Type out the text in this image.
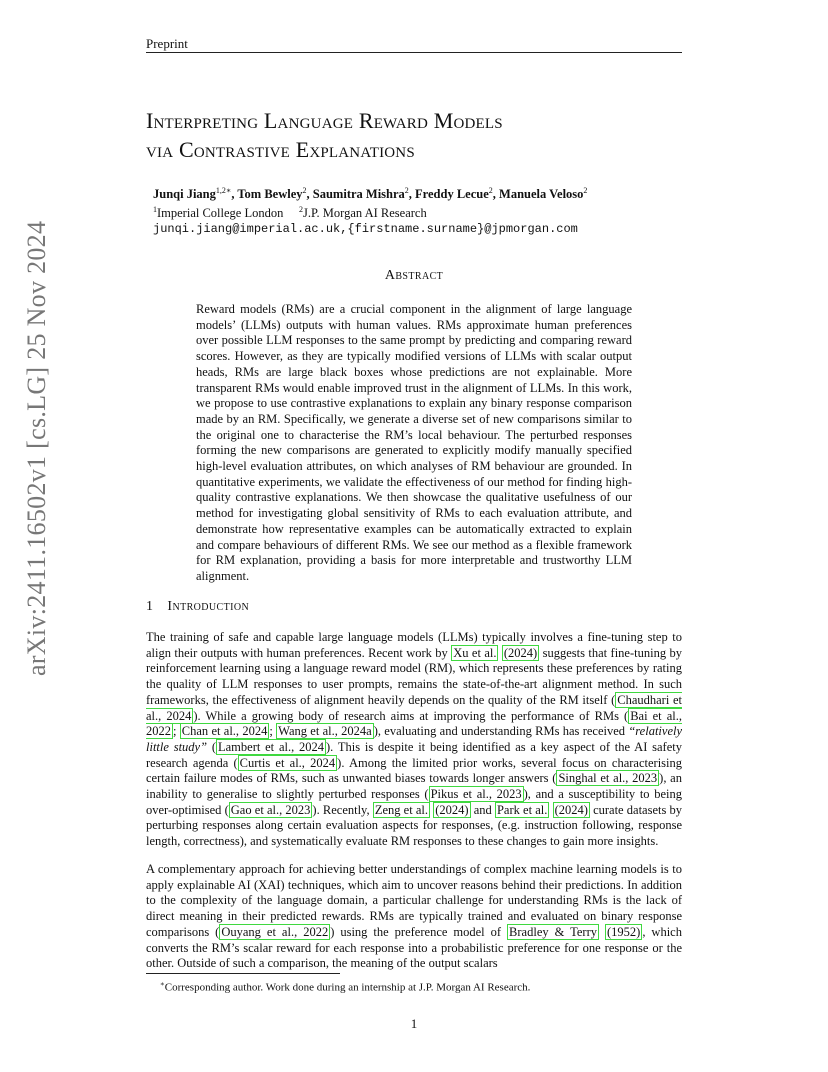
Preprint
arXiv:2411.16502v1 [cs.LG] 25 Nov 2024
Interpreting Language Reward Models
via Contrastive Explanations
Junqi Jiang$^{1,2∗}$, Tom Bewley$^2$, Saumitra Mishra$^2$, Freddy Lecue$^2$, Manuela Veloso$^2$
$^1$Imperial College London $^2$J.P. Morgan AI Research
junqi.jiang@imperial.ac.uk,{firstname.surname}@jpmorgan.com
Abstract
Reward models (RMs) are a crucial component in the alignment of large language models’ (LLMs) outputs with human values. RMs approximate human preferences over possible LLM responses to the same prompt by predicting and comparing reward scores. However, as they are typically modified versions of LLMs with scalar output heads, RMs are large black boxes whose predictions are not explainable. More transparent RMs would enable improved trust in the alignment of LLMs. In this work, we propose to use contrastive explanations to explain any binary response comparison made by an RM. Specifically, we generate a diverse set of new comparisons similar to the original one to characterise the RM’s local behaviour. The perturbed responses forming the new comparisons are generated to explicitly modify manually specified high-level evaluation attributes, on which analyses of RM behaviour are grounded. In quantitative experiments, we validate the effectiveness of our method for finding high-quality contrastive explanations. We then showcase the qualitative usefulness of our method for investigating global sensitivity of RMs to each evaluation attribute, and demonstrate how representative examples can be automatically extracted to explain and compare behaviours of different RMs. We see our method as a flexible framework for RM explanation, providing a basis for more interpretable and trustworthy LLM alignment.
1 Introduction
The training of safe and capable large language models (LLMs) typically involves a fine-tuning step to align their outputs with human preferences. Recent work by Xu et al. (2024) suggests that fine-tuning by reinforcement learning using a language reward model (RM), which represents these preferences by rating the quality of LLM responses to user prompts, remains the state-of-the-art alignment method. In such frameworks, the effectiveness of alignment heavily depends on the quality of the RM itself ( Chaudhari et al., 2024 ). While a growing body of research aims at improving the performance of RMs ( Bai et al., 2022 ; Chan et al., 2024 ; Wang et al., 2024a ), evaluating and understanding RMs has received “relatively little study” ( Lambert et al., 2024 ). This is despite it being identified as a key aspect of the AI safety research agenda ( Curtis et al., 2024 ). Among the limited prior works, several focus on characterising certain failure modes of RMs, such as unwanted biases towards longer answers ( Singhal et al., 2023 ), an inability to generalise to slightly perturbed responses ( Pikus et al., 2023 ), and a susceptibility to being over-optimised ( Gao et al., 2023 ). Recently, Zeng et al. (2024) and Park et al. (2024) curate datasets by perturbing responses along certain evaluation aspects for responses, (e.g. instruction following, response length, correctness), and systematically evaluate RM responses to these changes to gain more insights.
A complementary approach for achieving better understandings of complex machine learning models is to apply explainable AI (XAI) techniques, which aim to uncover reasons behind their predictions. In addition to the complexity of the language domain, a particular challenge for understanding RMs is the lack of direct meaning in their predicted rewards. RMs are typically trained and evaluated on binary response comparisons ( Ouyang et al., 2022 ) using the preference model of Bradley & Terry (1952) , which converts the RM’s scalar reward for each response into a probabilistic preference for one response or the other. Outside of such a comparison, the meaning of the output scalars
∗Corresponding author. Work done during an internship at J.P. Morgan AI Research.
1
